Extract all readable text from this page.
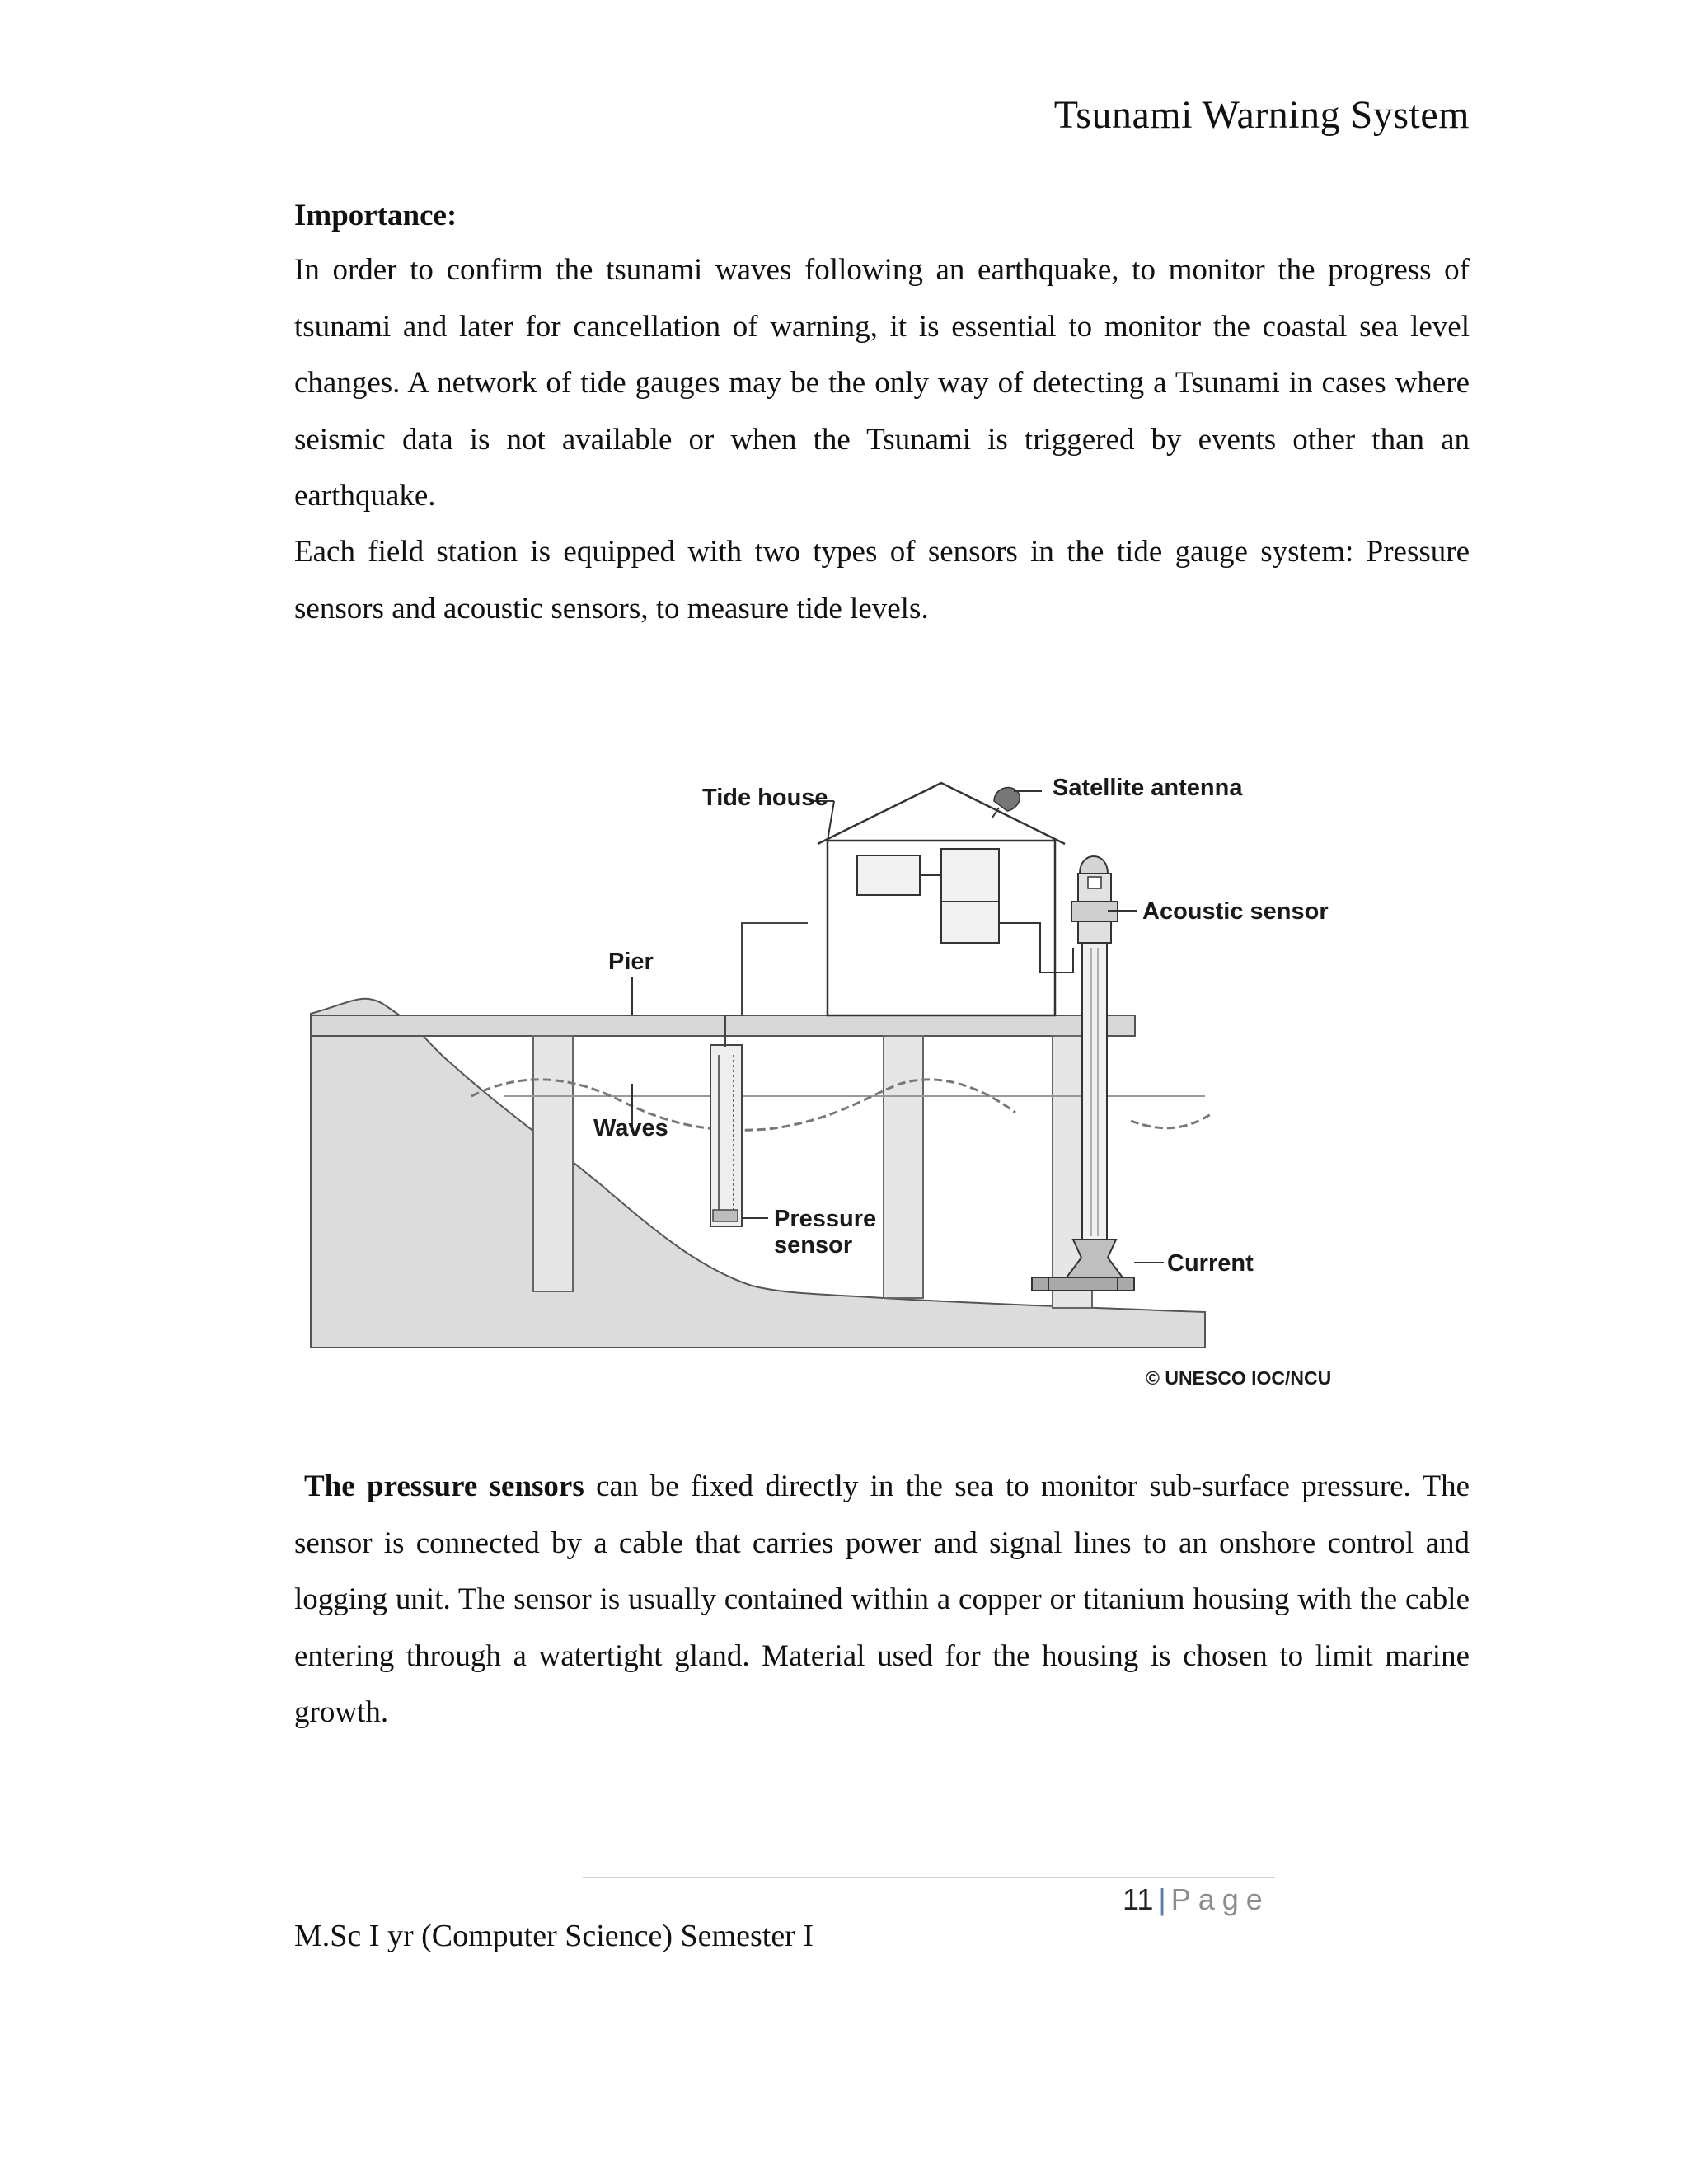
Tsunami Warning System
Importance:

In order to confirm the tsunami waves following an earthquake, to monitor the progress of tsunami and later for cancellation of warning, it is essential to monitor the coastal sea level changes. A network of tide gauges may be the only way of detecting a Tsunami in cases where seismic data is not available or when the Tsunami is triggered by events other than an earthquake.

Each field station is equipped with two types of sensors in the tide gauge system: Pressure sensors and acoustic sensors, to measure tide levels.

Tide house	Satellite antenna
Acoustic sensor
Pier
Waves
Pressure
sensor
Current
© UNESCO IOC/NCU

The pressure sensors can be fixed directly in the sea to monitor sub-surface pressure. The sensor is connected by a cable that carries power and signal lines to an onshore control and logging unit. The sensor is usually contained within a copper or titanium housing with the cable entering through a watertight gland. Material used for the housing is chosen to limit marine growth.

11 | Page
M.Sc I yr (Computer Science) Semester I
